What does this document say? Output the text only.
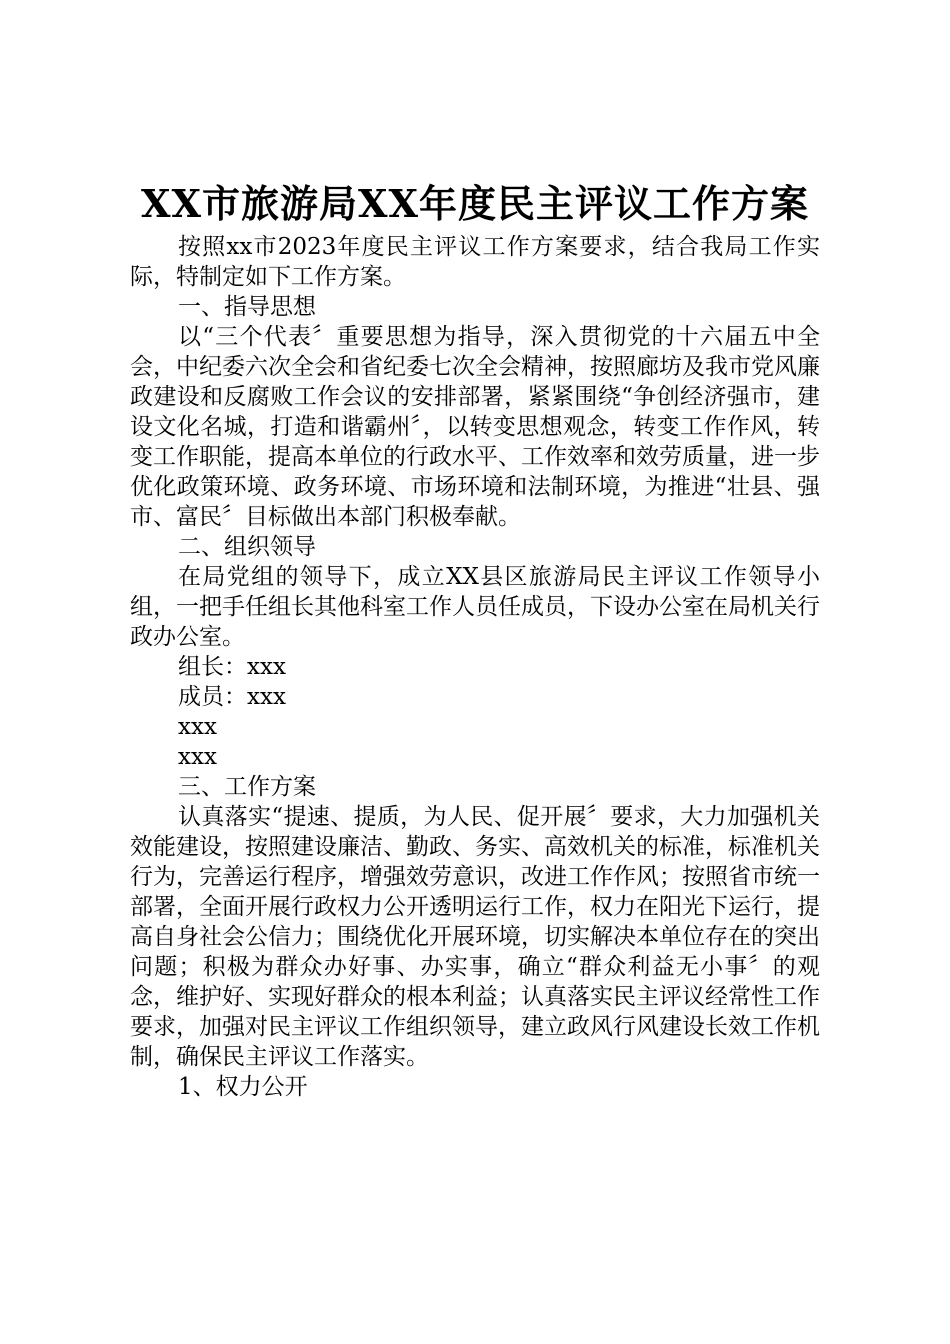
XX市旅游局XX年度民主评议工作方案

按照xx市2023年度民主评议工作方案要求，结合我局工作实际，特制定如下工作方案。

一、指导思想

以“三个代表〞重要思想为指导，深入贯彻党的十六届五中全会，中纪委六次全会和省纪委七次全会精神，按照廊坊及我市党风廉政建设和反腐败工作会议的安排部署，紧紧围绕“争创经济强市，建设文化名城，打造和谐霸州〞，以转变思想观念，转变工作作风，转变工作职能，提高本单位的行政水平、工作效率和效劳质量，进一步优化政策环境、政务环境、市场环境和法制环境，为推进“壮县、强市、富民〞目标做出本部门积极奉献。

二、组织领导

在局党组的领导下，成立XX县区旅游局民主评议工作领导小组，一把手任组长其他科室工作人员任成员，下设办公室在局机关行政办公室。

组长：xxx

成员：xxx

xxx

xxx

三、工作方案

认真落实“提速、提质，为人民、促开展〞要求，大力加强机关效能建设，按照建设廉洁、勤政、务实、高效机关的标准，标准机关行为，完善运行程序，增强效劳意识，改进工作作风；按照省市统一部署，全面开展行政权力公开透明运行工作，权力在阳光下运行，提高自身社会公信力；围绕优化开展环境，切实解决本单位存在的突出问题；积极为群众办好事、办实事，确立“群众利益无小事〞的观念，维护好、实现好群众的根本利益；认真落实民主评议经常性工作要求，加强对民主评议工作组织领导，建立政风行风建设长效工作机制，确保民主评议工作落实。

1、权力公开
